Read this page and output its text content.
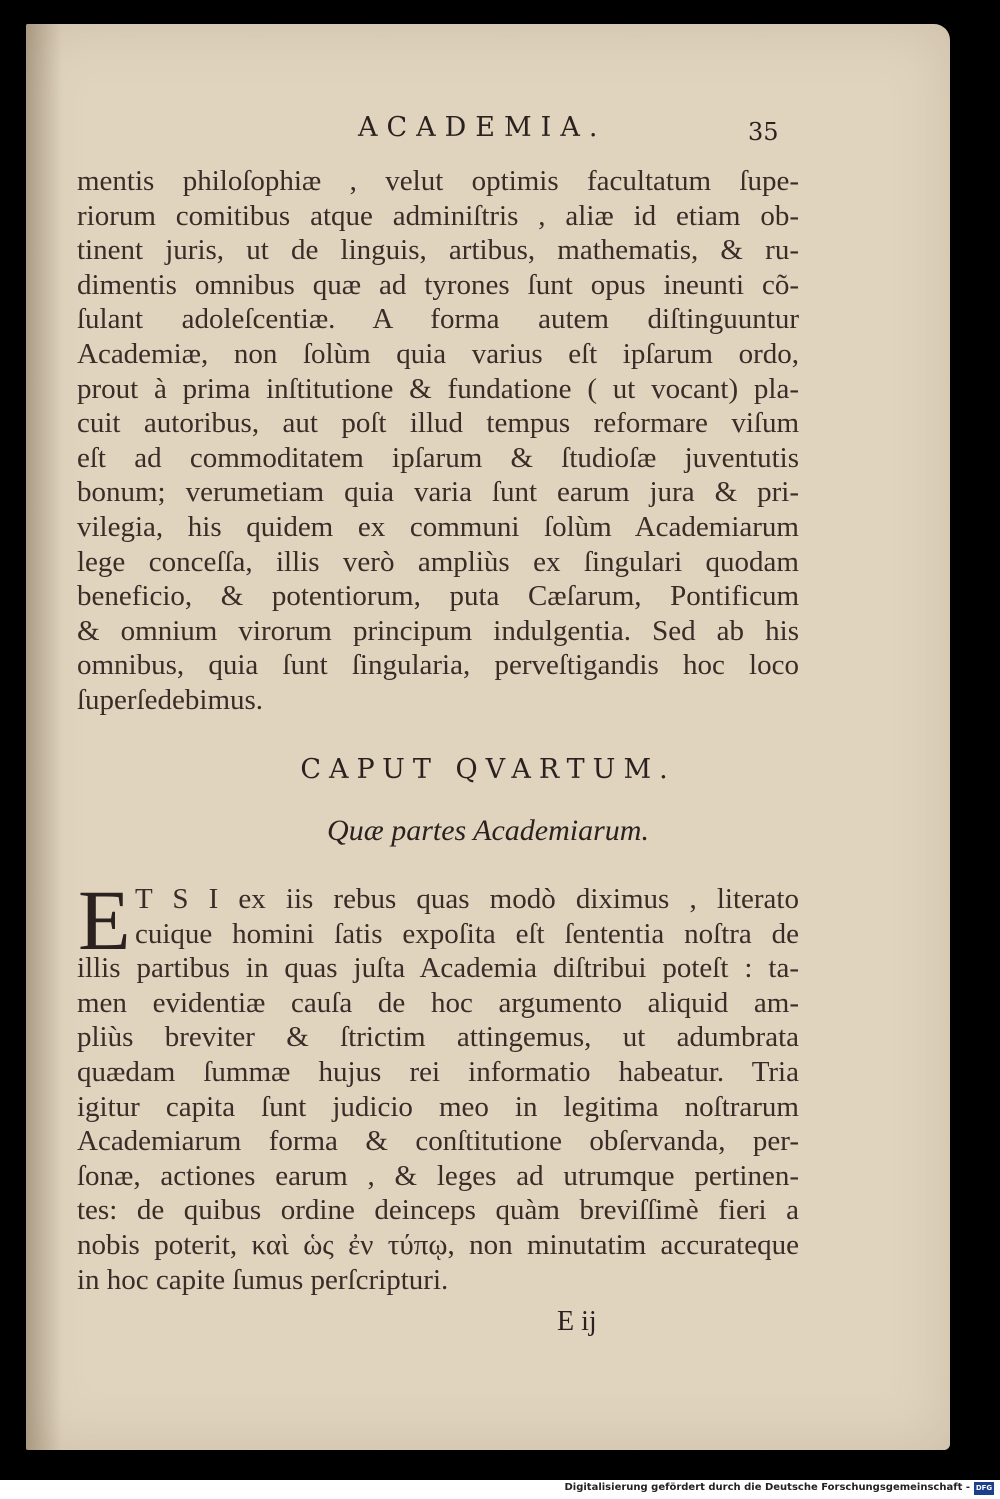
ACADEMIA.	35
mentis philoſophiæ , velut optimis facultatum ſupe-
riorum comitibus atque adminiſtris , aliæ id etiam ob-
tinent juris, ut de linguis, artibus, mathematis, & ru-
dimentis omnibus quæ ad tyrones ſunt opus ineunti cõ-
ſulant adoleſcentiæ. A forma autem diſtinguuntur
Academiæ, non ſolùm quia varius eſt ipſarum ordo,
prout à prima inſtitutione & fundatione ( ut vocant) pla-
cuit autoribus, aut poſt illud tempus reformare viſum
eſt ad commoditatem ipſarum & ſtudioſæ juventutis
bonum; verumetiam quia varia ſunt earum jura & pri-
vilegia, his quidem ex communi ſolùm Academiarum
lege conceſſa, illis verò ampliùs ex ſingulari quodam
beneficio, & potentiorum, puta Cæſarum, Pontificum
& omnium virorum principum indulgentia. Sed ab his
omnibus, quia ſunt ſingularia, perveſtigandis hoc loco
ſuperſedebimus.
CAPUT QVARTUM.
Quæ partes Academiarum.
E T S I ex iis rebus quas modò diximus , literato
cuique homini ſatis expoſita eſt ſententia noſtra de
illis partibus in quas juſta Academia diſtribui poteſt : ta-
men evidentiæ cauſa de hoc argumento aliquid am-
pliùs breviter & ſtrictim attingemus, ut adumbrata
quædam ſummæ hujus rei informatio habeatur. Tria
igitur capita ſunt judicio meo in legitima noſtrarum
Academiarum forma & conſtitutione obſervanda, per-
ſonæ, actiones earum , & leges ad utrumque pertinen-
tes: de quibus ordine deinceps quàm breviſſimè fieri a
nobis poterit, καὶ ὡς ἐν τύπῳ, non minutatim accurateque
in hoc capite ſumus perſcripturi.
E ij
Digitalisierung gefördert durch die Deutsche Forschungsgemeinschaft - DFG
